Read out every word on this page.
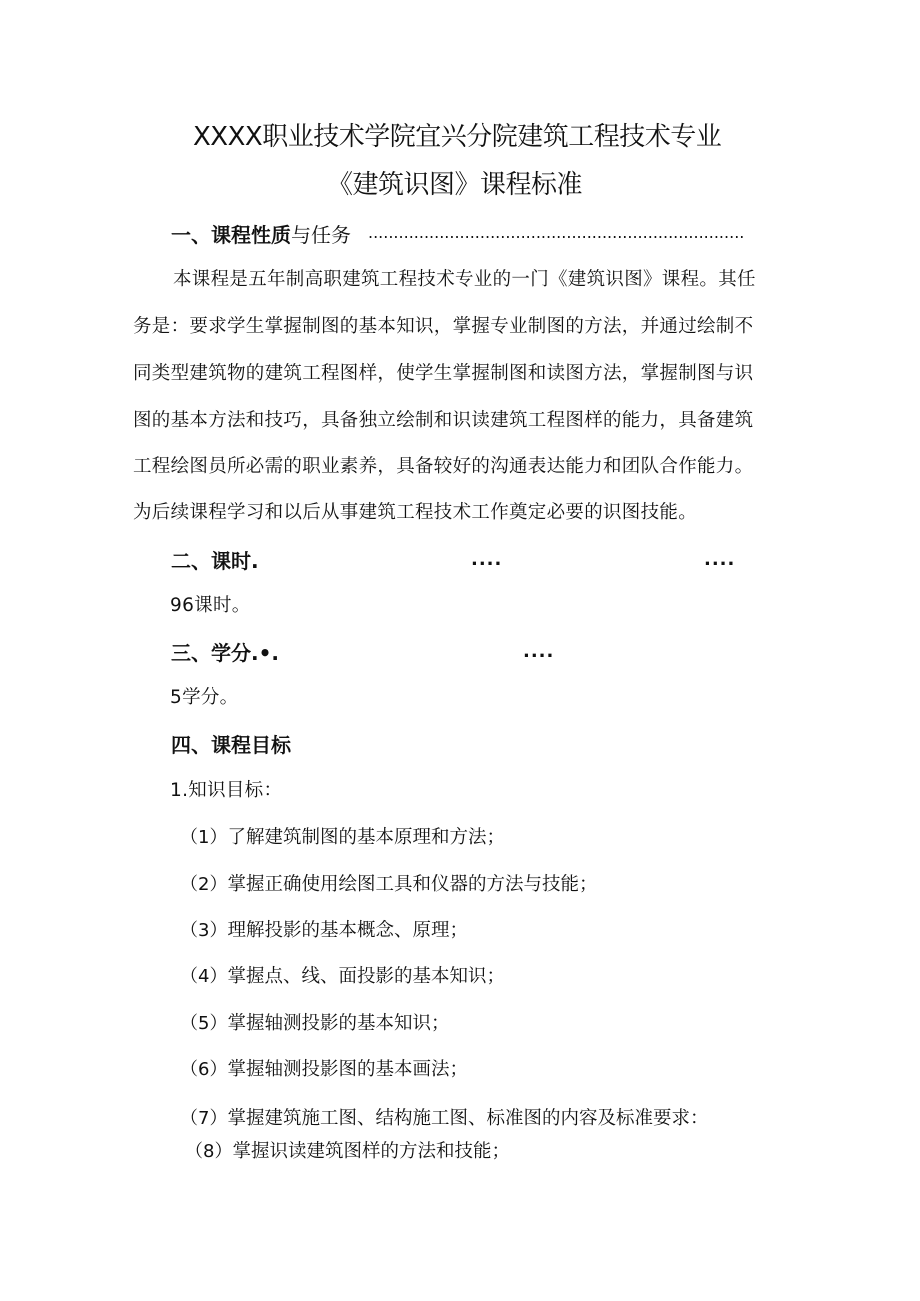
XXXX职业技术学院宜兴分院建筑工程技术专业
《建筑识图》课程标准
一、课程性质与任务 ..........................................................................
本课程是五年制高职建筑工程技术专业的一门《建筑识图》课程。其任
务是：要求学生掌握制图的基本知识，掌握专业制图的方法，并通过绘制不
同类型建筑物的建筑工程图样，使学生掌握制图和读图方法，掌握制图与识
图的基本方法和技巧，具备独立绘制和识读建筑工程图样的能力，具备建筑
工程绘图员所必需的职业素养，具备较好的沟通表达能力和团队合作能力。
为后续课程学习和以后从事建筑工程技术工作奠定必要的识图技能。
二、课时.	....	....
96课时。
三、学分.•.	....
5学分。
四、课程目标
1.知识目标：
（1）了解建筑制图的基本原理和方法；
（2）掌握正确使用绘图工具和仪器的方法与技能；
（3）理解投影的基本概念、原理；
（4）掌握点、线、面投影的基本知识；
（5）掌握轴测投影的基本知识；
（6）掌握轴测投影图的基本画法；
（7）掌握建筑施工图、结构施工图、标准图的内容及标准要求：
（8）掌握识读建筑图样的方法和技能；
